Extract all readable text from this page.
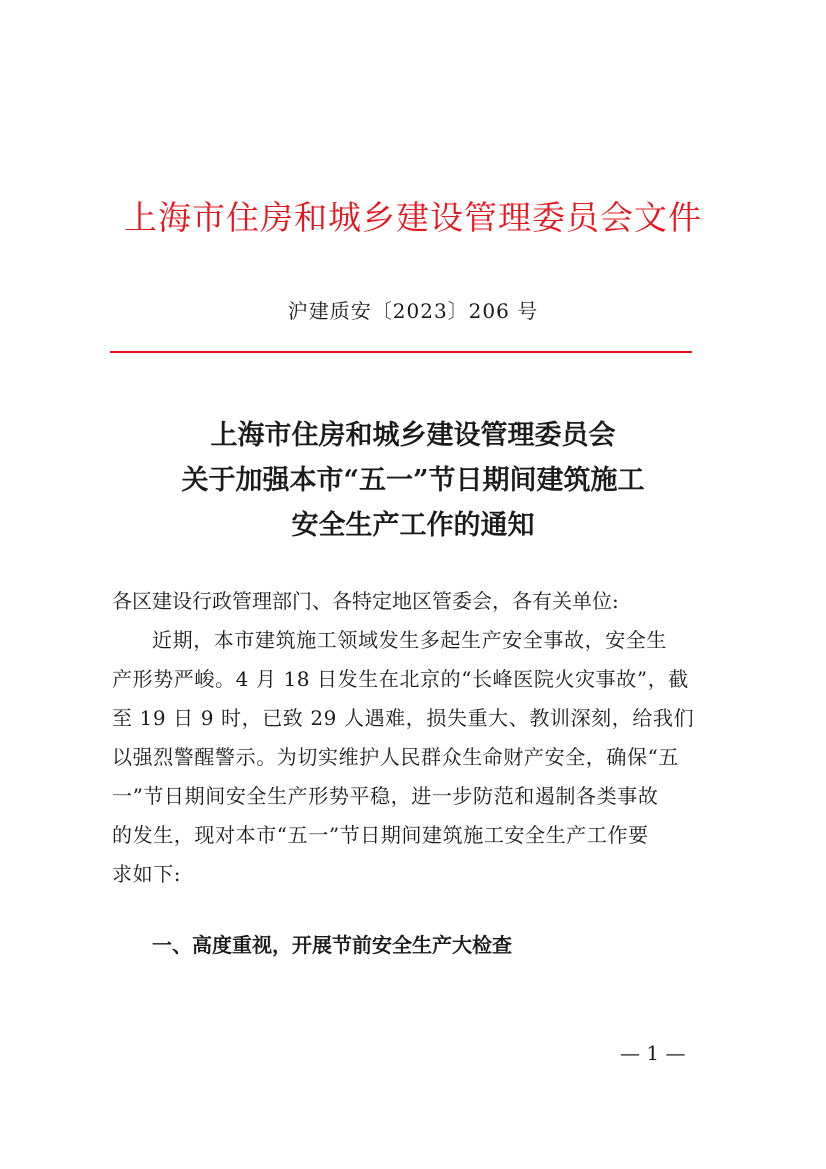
上海市住房和城乡建设管理委员会文件
沪建质安〔2023〕206 号
上海市住房和城乡建设管理委员会
关于加强本市“五一”节日期间建筑施工
安全生产工作的通知
各区建设行政管理部门、各特定地区管委会，各有关单位:
近期，本市建筑施工领域发生多起生产安全事故，安全生
产形势严峻。4 月 18 日发生在北京的“长峰医院火灾事故”，截
至 19 日 9 时，已致 29 人遇难，损失重大、教训深刻，给我们
以强烈警醒警示。为切实维护人民群众生命财产安全，确保“五
一”节日期间安全生产形势平稳，进一步防范和遏制各类事故
的发生，现对本市“五一”节日期间建筑施工安全生产工作要
求如下:
一、高度重视，开展节前安全生产大检查
— 1 —
